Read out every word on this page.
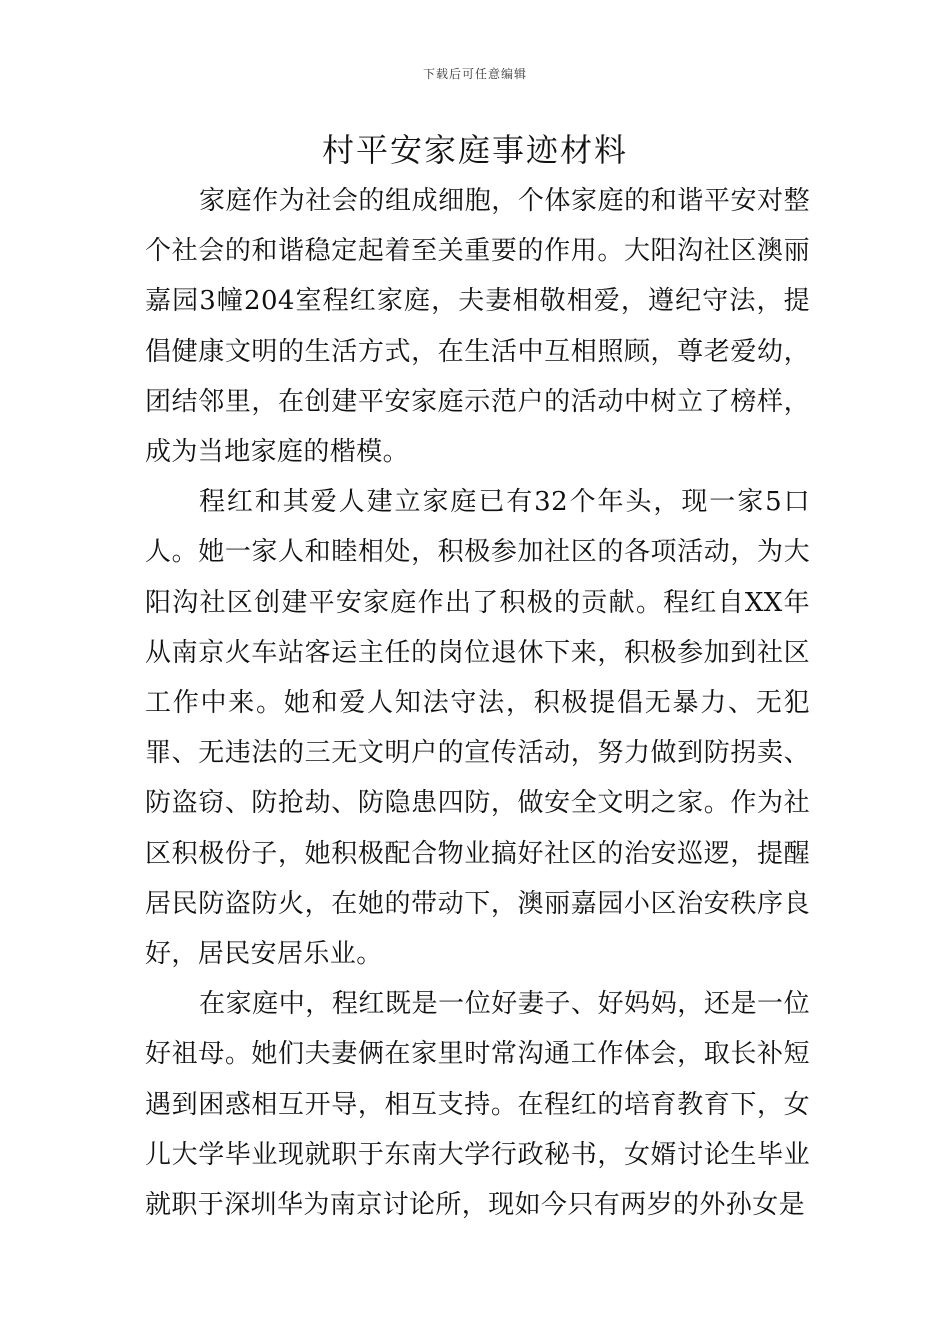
下载后可任意编辑
村平安家庭事迹材料

家庭作为社会的组成细胞，个体家庭的和谐平安对整个社会的和谐稳定起着至关重要的作用。大阳沟社区澳丽嘉园3幢204室程红家庭，夫妻相敬相爱，遵纪守法，提倡健康文明的生活方式，在生活中互相照顾，尊老爱幼，团结邻里，在创建平安家庭示范户的活动中树立了榜样，成为当地家庭的楷模。

程红和其爱人建立家庭已有32个年头，现一家5口人。她一家人和睦相处，积极参加社区的各项活动，为大阳沟社区创建平安家庭作出了积极的贡献。程红自XX年从南京火车站客运主任的岗位退休下来，积极参加到社区工作中来。她和爱人知法守法，积极提倡无暴力、无犯罪、无违法的三无文明户的宣传活动，努力做到防拐卖、防盗窃、防抢劫、防隐患四防，做安全文明之家。作为社区积极份子，她积极配合物业搞好社区的治安巡逻，提醒居民防盗防火，在她的带动下，澳丽嘉园小区治安秩序良好，居民安居乐业。

在家庭中，程红既是一位好妻子、好妈妈，还是一位好祖母。她们夫妻俩在家里时常沟通工作体会，取长补短遇到困惑相互开导，相互支持。在程红的培育教育下，女儿大学毕业现就职于东南大学行政秘书，女婿讨论生毕业就职于深圳华为南京讨论所，现如今只有两岁的外孙女是
